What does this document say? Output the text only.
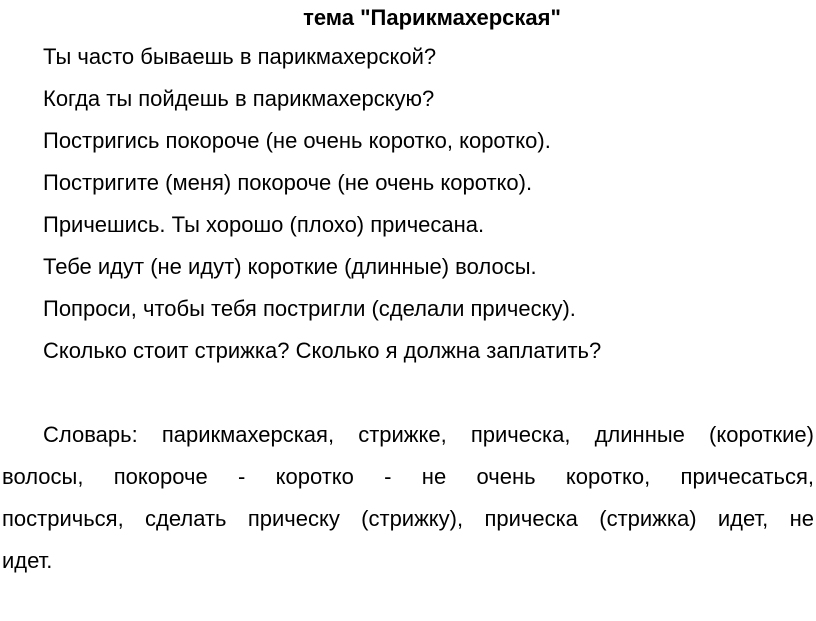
тема "Парикмахерская"
Ты часто бываешь в парикмахерской?
Когда ты пойдешь в парикмахерскую?
Постригись покороче (не очень коротко, коротко).
Постригите (меня) покороче (не очень коротко).
Причешись. Ты хорошо (плохо) причесана.
Тебе идут (не идут) короткие (длинные) волосы.
Попроси, чтобы тебя постригли (сделали прическу).
Сколько стоит стрижка? Сколько я должна заплатить?
Словарь: парикмахерская, стрижке, прическа, длинные (короткие)
волосы, покороче - коротко - не очень коротко, причесаться,
постричься, сделать прическу (стрижку), прическа (стрижка) идет, не
идет.
